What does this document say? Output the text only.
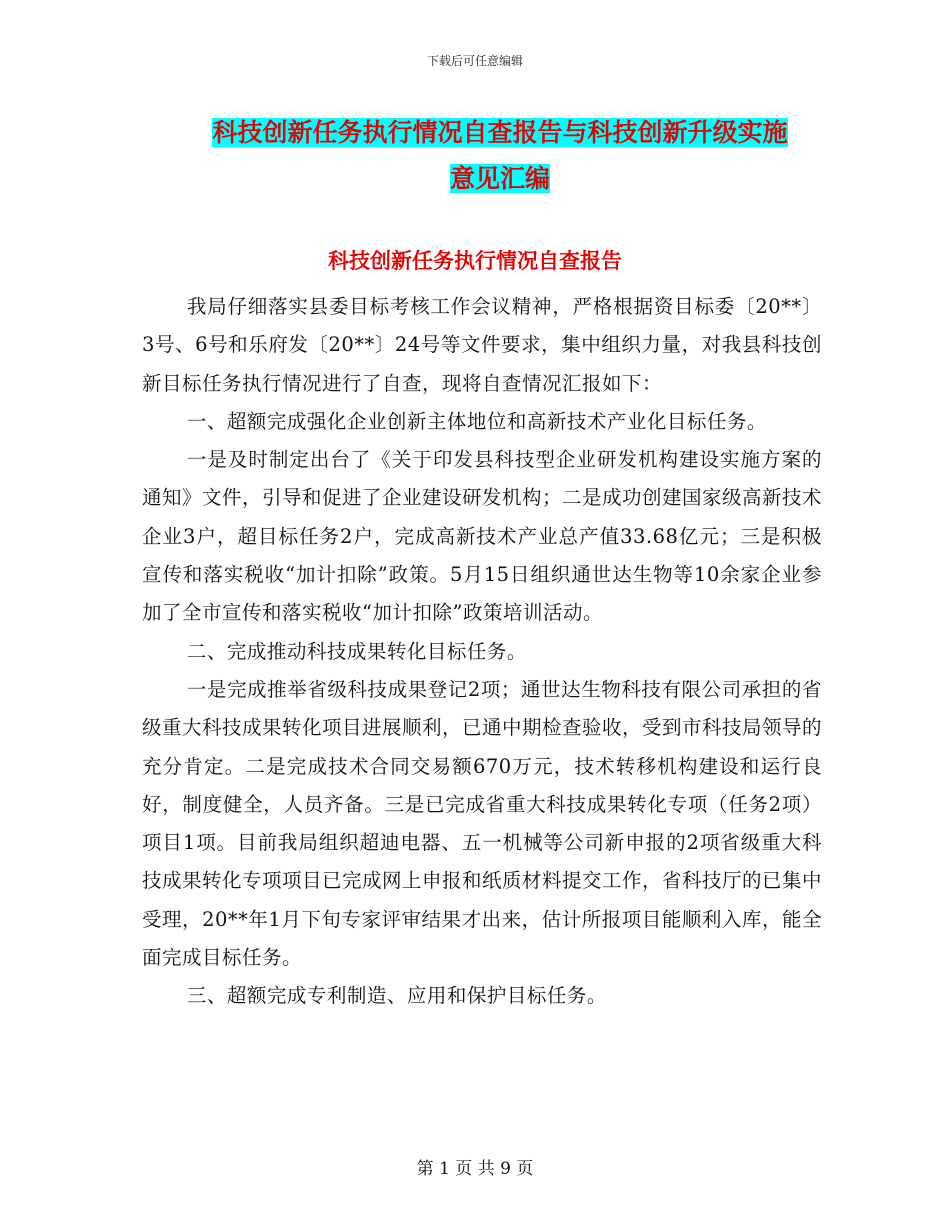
下载后可任意编辑
科技创新任务执行情况自查报告与科技创新升级实施
意见汇编
科技创新任务执行情况自查报告

我局仔细落实县委目标考核工作会议精神，严格根据资目标委〔20**〕3号、6号和乐府发〔20**〕24号等文件要求，集中组织力量，对我县科技创新目标任务执行情况进行了自查，现将自查情况汇报如下：

一、超额完成强化企业创新主体地位和高新技术产业化目标任务。

一是及时制定出台了《关于印发县科技型企业研发机构建设实施方案的通知》文件，引导和促进了企业建设研发机构；二是成功创建国家级高新技术企业3户，超目标任务2户，完成高新技术产业总产值33.68亿元；三是积极宣传和落实税收“加计扣除”政策。5月15日组织通世达生物等10余家企业参加了全市宣传和落实税收“加计扣除”政策培训活动。

二、完成推动科技成果转化目标任务。

一是完成推举省级科技成果登记2项；通世达生物科技有限公司承担的省级重大科技成果转化项目进展顺利，已通中期检查验收，受到市科技局领导的充分肯定。二是完成技术合同交易额670万元，技术转移机构建设和运行良好，制度健全，人员齐备。三是已完成省重大科技成果转化专项（任务2项）项目1项。目前我局组织超迪电器、五一机械等公司新申报的2项省级重大科技成果转化专项项目已完成网上申报和纸质材料提交工作，省科技厅的已集中受理，20**年1月下旬专家评审结果才出来，估计所报项目能顺利入库，能全面完成目标任务。

三、超额完成专利制造、应用和保护目标任务。

第 1 页 共 9 页
